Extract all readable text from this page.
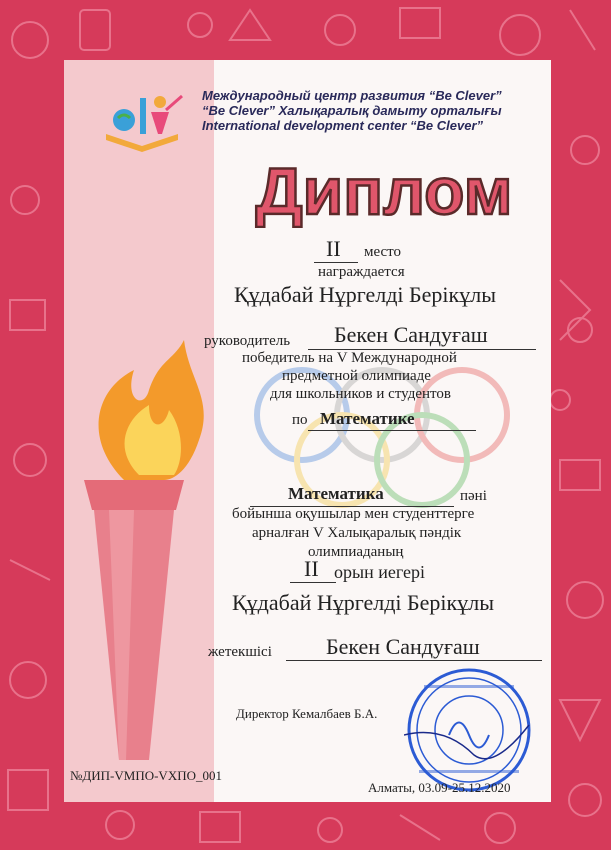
Международный центр развития “Be Clever”
“Be Clever” Халықаралық дамыту орталығы
International development center “Be Clever”
Диплом
II место
награждается
Құдабай Нұргелді Берікұлы
руководитель Бекен Сандуғаш
победитель на V Международной
предметной олимпиаде
для школьников и студентов
по Математике
Математика	пәні
бойынша оқушылар мен студенттерге
арналған V Халықаралық пәндік
олимпиаданың
II орын иегері
Құдабай Нұргелді Берікұлы
жетекшісі Бекен Сандуғаш
Директор Кемалбаев Б.А.
№ДИП-VМПО-VХПО_001
Алматы, 03.09-25.12.2020
